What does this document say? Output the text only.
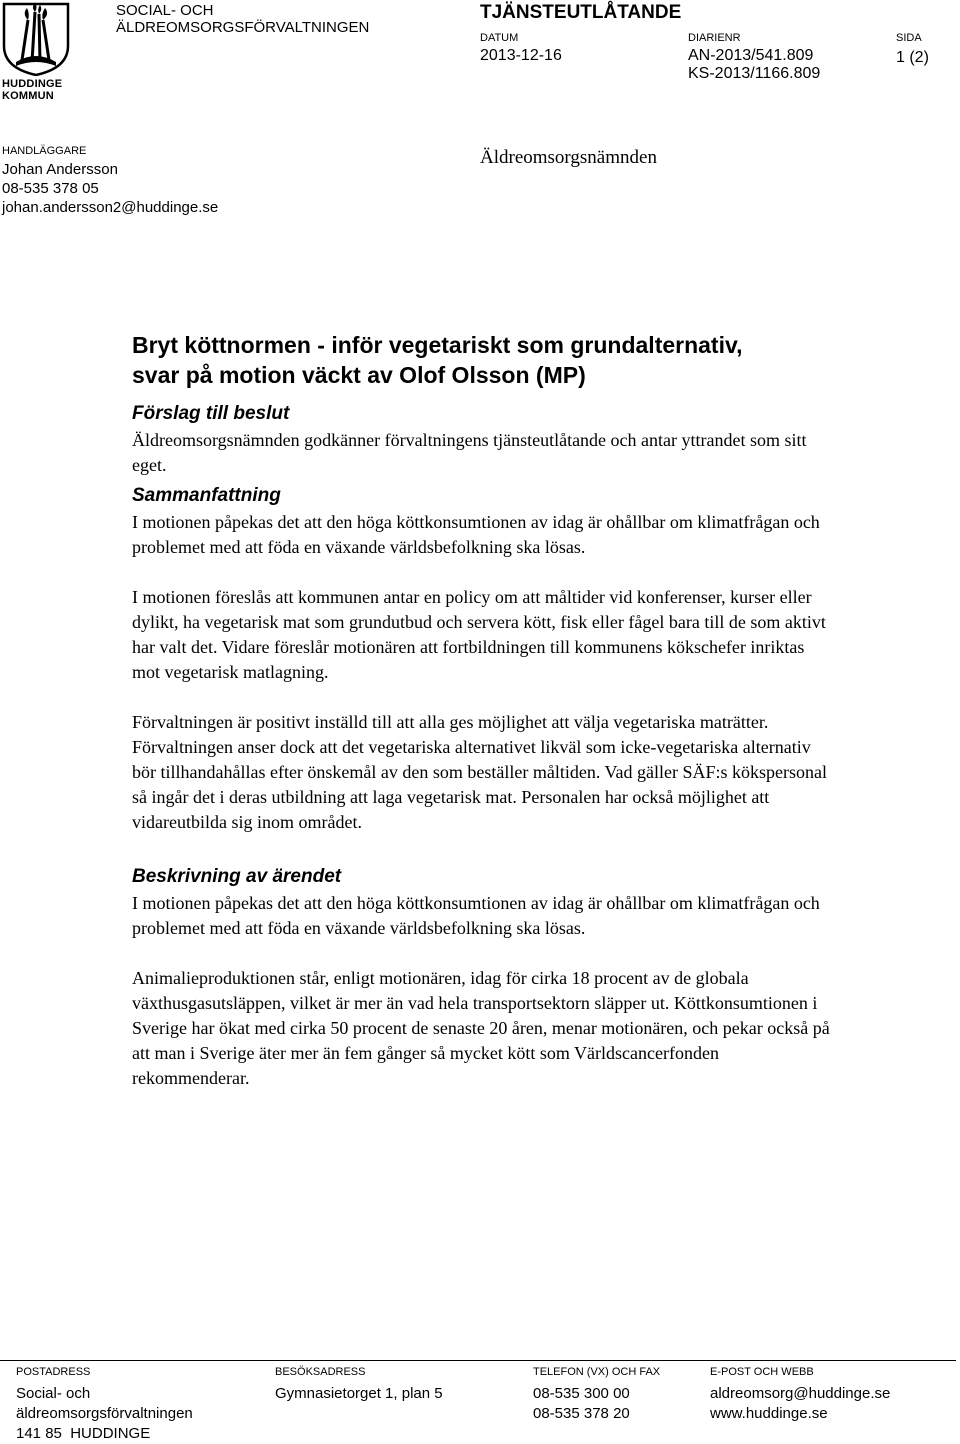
HUDDINGE
KOMMUN
SOCIAL- OCH
ÄLDREOMSORGSFÖRVALTNINGEN
TJÄNSTEUTLÅTANDE
DATUM
2013-12-16
DIARIENR
AN-2013/541.809
KS-2013/1166.809
SIDA
1 (2)
HANDLÄGGARE
Johan Andersson
08-535 378 05
johan.andersson2@huddinge.se
Äldreomsorgsnämnden
Bryt köttnormen - inför vegetariskt som grundalternativ,
svar på motion väckt av Olof Olsson (MP)
Förslag till beslut

Äldreomsorgsnämnden godkänner förvaltningens tjänsteutlåtande och antar yttrandet som sitt eget.

Sammanfattning

I motionen påpekas det att den höga köttkonsumtionen av idag är ohållbar om klimatfrågan och problemet med att föda en växande världsbefolkning ska lösas.

I motionen föreslås att kommunen antar en policy om att måltider vid konferenser, kurser eller dylikt, ha vegetarisk mat som grundutbud och servera kött, fisk eller fågel bara till de som aktivt har valt det. Vidare föreslår motionären att fortbildningen till kommunens kökschefer inriktas mot vegetarisk matlagning.

Förvaltningen är positivt inställd till att alla ges möjlighet att välja vegetariska maträtter. Förvaltningen anser dock att det vegetariska alternativet likväl som icke-vegetariska alternativ bör tillhandahållas efter önskemål av den som beställer måltiden. Vad gäller SÄF:s kökspersonal så ingår det i deras utbildning att laga vegetarisk mat. Personalen har också möjlighet att vidareutbilda sig inom området.

Beskrivning av ärendet

I motionen påpekas det att den höga köttkonsumtionen av idag är ohållbar om klimatfrågan och problemet med att föda en växande världsbefolkning ska lösas.

Animalieproduktionen står, enligt motionären, idag för cirka 18 procent av de globala växthusgasutsläppen, vilket är mer än vad hela transportsektorn släpper ut. Köttkonsumtionen i Sverige har ökat med cirka 50 procent de senaste 20 åren, menar motionären, och pekar också på att man i Sverige äter mer än fem gånger så mycket kött som Världscancerfonden rekommenderar.

POSTADRESS
Social- och
äldreomsorgsförvaltningen
141 85  HUDDINGE
BESÖKSADRESS
Gymnasietorget 1, plan 5
TELEFON (VX) OCH FAX
08-535 300 00
08-535 378 20
E-POST OCH WEBB
aldreomsorg@huddinge.se
www.huddinge.se
